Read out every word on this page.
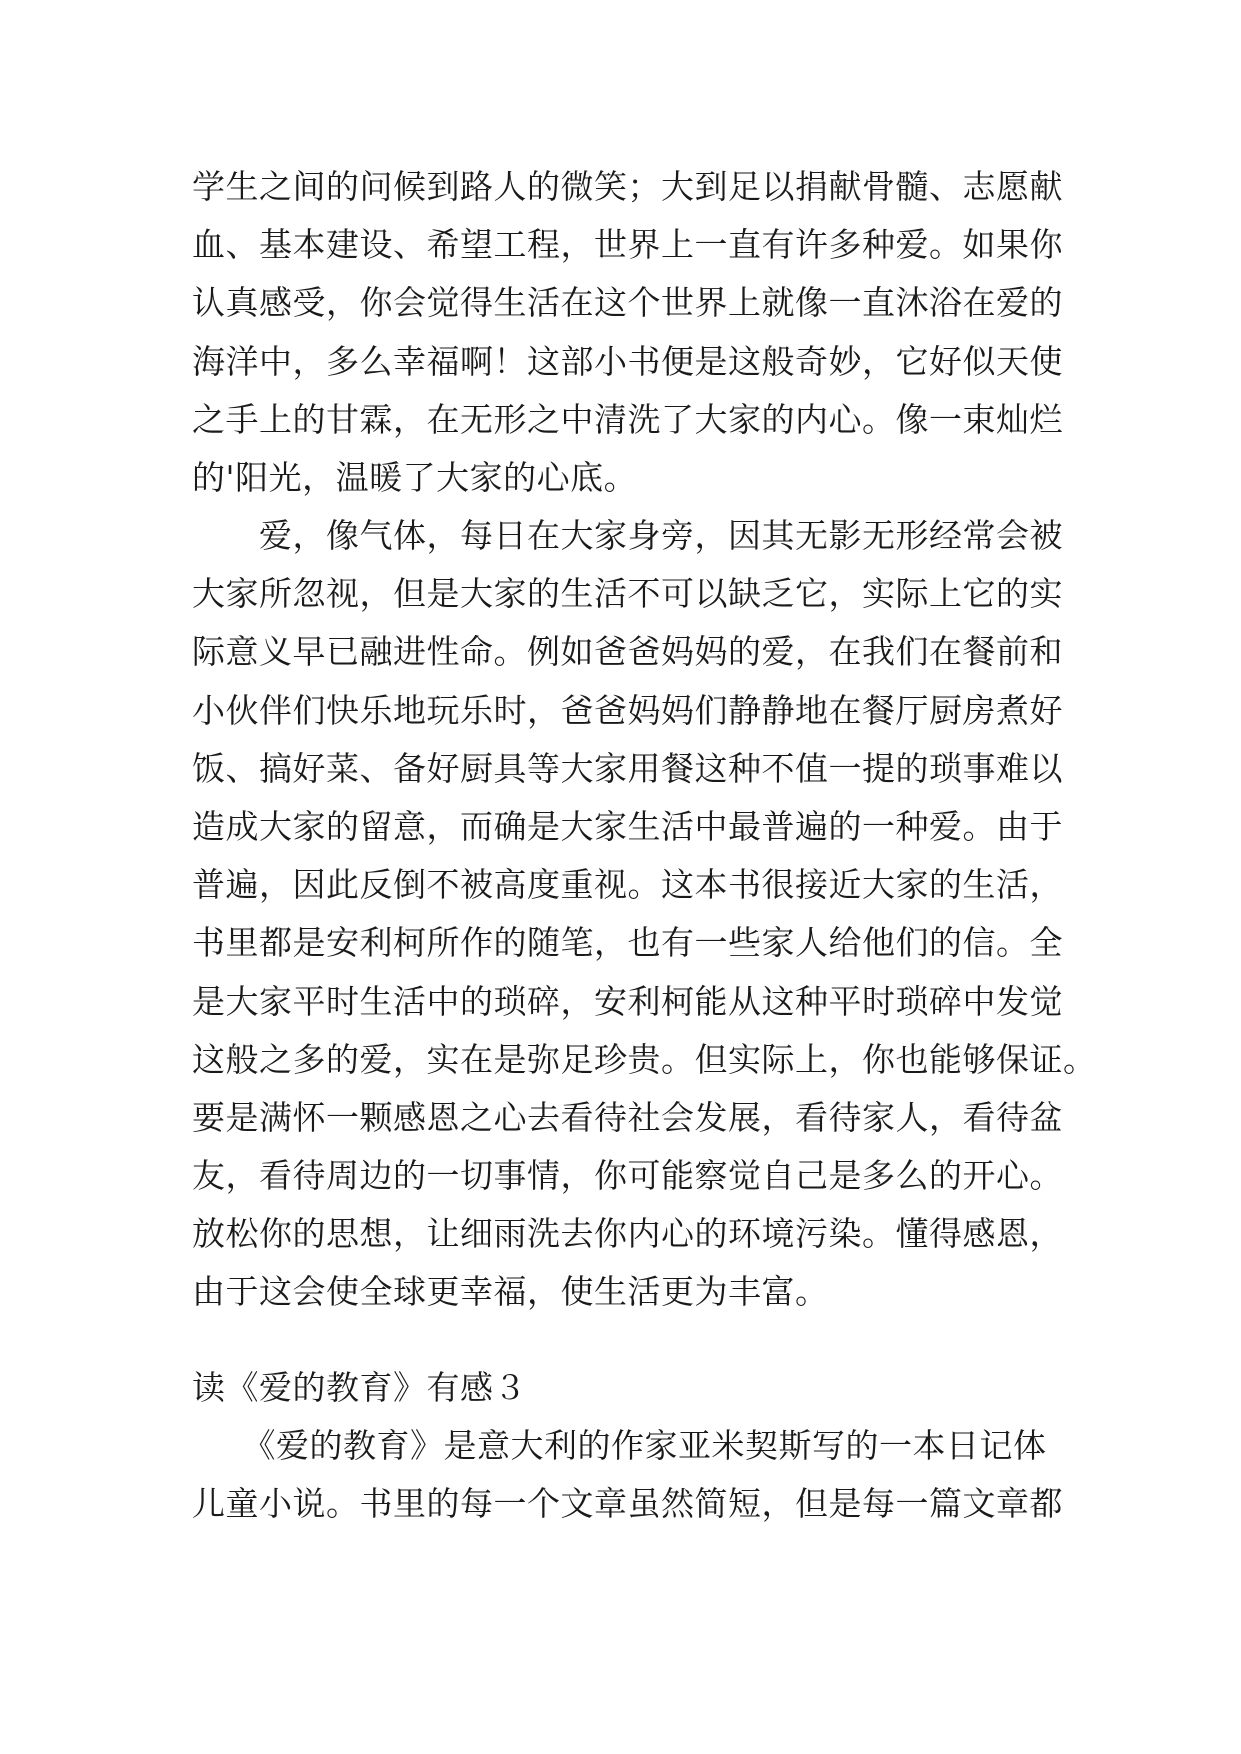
学生之间的问候到路人的微笑；大到足以捐献骨髓、志愿献
血、基本建设、希望工程，世界上一直有许多种爱。如果你
认真感受，你会觉得生活在这个世界上就像一直沐浴在爱的
海洋中，多么幸福啊！这部小书便是这般奇妙，它好似天使
之手上的甘霖，在无形之中清洗了大家的内心。像一束灿烂
的'阳光，温暖了大家的心底。
　　爱，像气体，每日在大家身旁，因其无影无形经常会被
大家所忽视，但是大家的生活不可以缺乏它，实际上它的实
际意义早已融进性命。例如爸爸妈妈的爱，在我们在餐前和
小伙伴们快乐地玩乐时，爸爸妈妈们静静地在餐厅厨房煮好
饭、搞好菜、备好厨具等大家用餐这种不值一提的琐事难以
造成大家的留意，而确是大家生活中最普遍的一种爱。由于
普遍，因此反倒不被高度重视。这本书很接近大家的生活，
书里都是安利柯所作的随笔，也有一些家人给他们的信。全
是大家平时生活中的琐碎，安利柯能从这种平时琐碎中发觉
这般之多的爱，实在是弥足珍贵。但实际上，你也能够保证。
要是满怀一颗感恩之心去看待社会发展，看待家人，看待盆
友，看待周边的一切事情，你可能察觉自己是多么的开心。
放松你的思想，让细雨洗去你内心的环境污染。懂得感恩，
由于这会使全球更幸福，使生活更为丰富。
读《爱的教育》有感３
　　《爱的教育》是意大利的作家亚米契斯写的一本日记体
儿童小说。书里的每一个文章虽然简短，但是每一篇文章都
